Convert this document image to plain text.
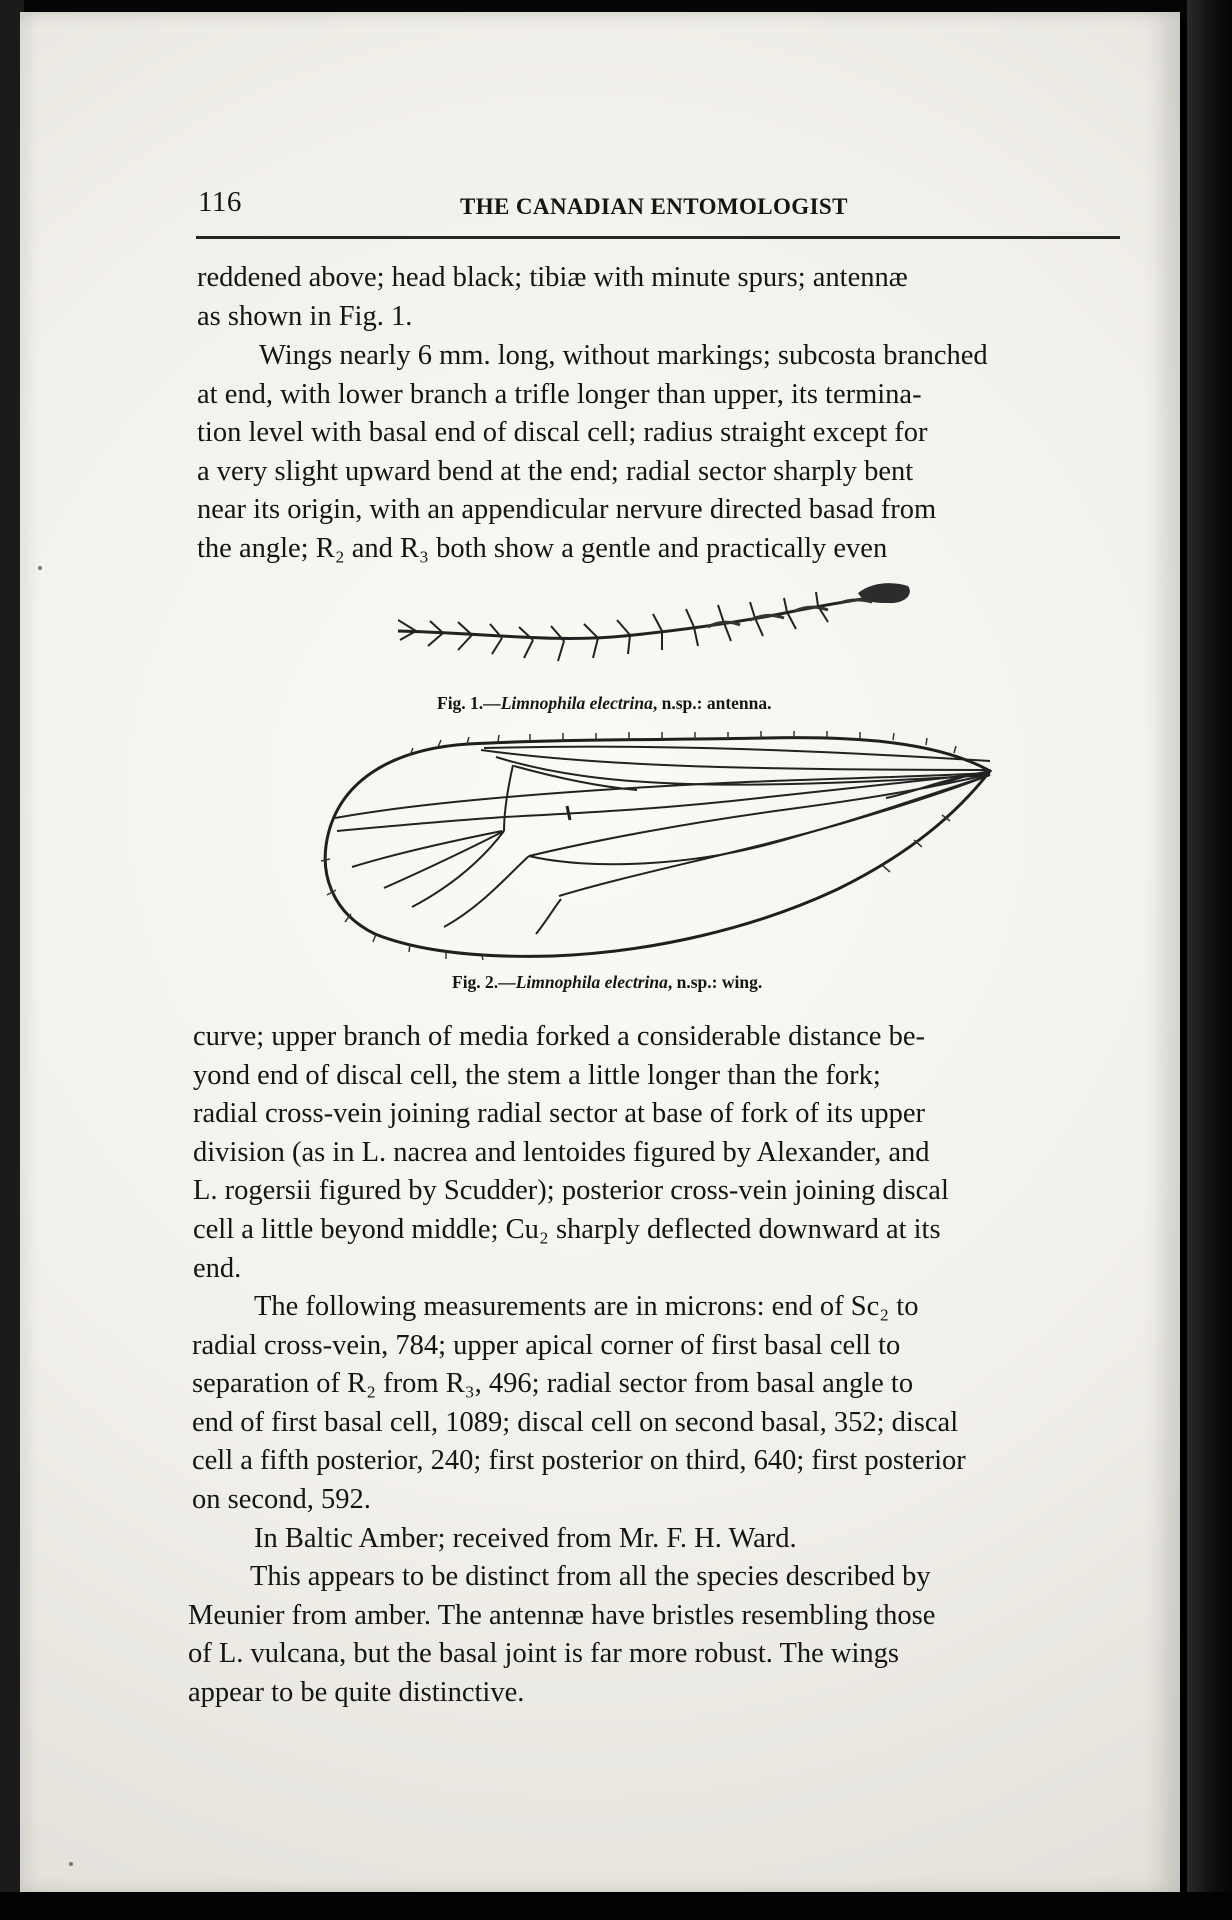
116	THE CANADIAN ENTOMOLOGIST
reddened above; head black; tibiæ with minute spurs; antennæ
as shown in Fig. 1.
Wings nearly 6 mm. long, without markings; subcosta branched
at end, with lower branch a trifle longer than upper, its termina-
tion level with basal end of discal cell; radius straight except for
a very slight upward bend at the end; radial sector sharply bent
near its origin, with an appendicular nervure directed basad from
the angle; R₂ and R₃ both show a gentle and practically even
Fig. 1.—Limnophila electrina, n.sp.: antenna.
Fig. 2.—Limnophila electrina, n.sp.: wing.
curve; upper branch of media forked a considerable distance be-
yond end of discal cell, the stem a little longer than the fork;
radial cross-vein joining radial sector at base of fork of its upper
division (as in L. nacrea and lentoides figured by Alexander, and
L. rogersii figured by Scudder); posterior cross-vein joining discal
cell a little beyond middle; Cu₂ sharply deflected downward at its
end.
The following measurements are in microns: end of Sc₂ to
radial cross-vein, 784; upper apical corner of first basal cell to
separation of R₂ from R₃, 496; radial sector from basal angle to
end of first basal cell, 1089; discal cell on second basal, 352; discal
cell a fifth posterior, 240; first posterior on third, 640; first posterior
on second, 592.
In Baltic Amber; received from Mr. F. H. Ward.
This appears to be distinct from all the species described by
Meunier from amber. The antennæ have bristles resembling those
of L. vulcana, but the basal joint is far more robust. The wings
appear to be quite distinctive.
